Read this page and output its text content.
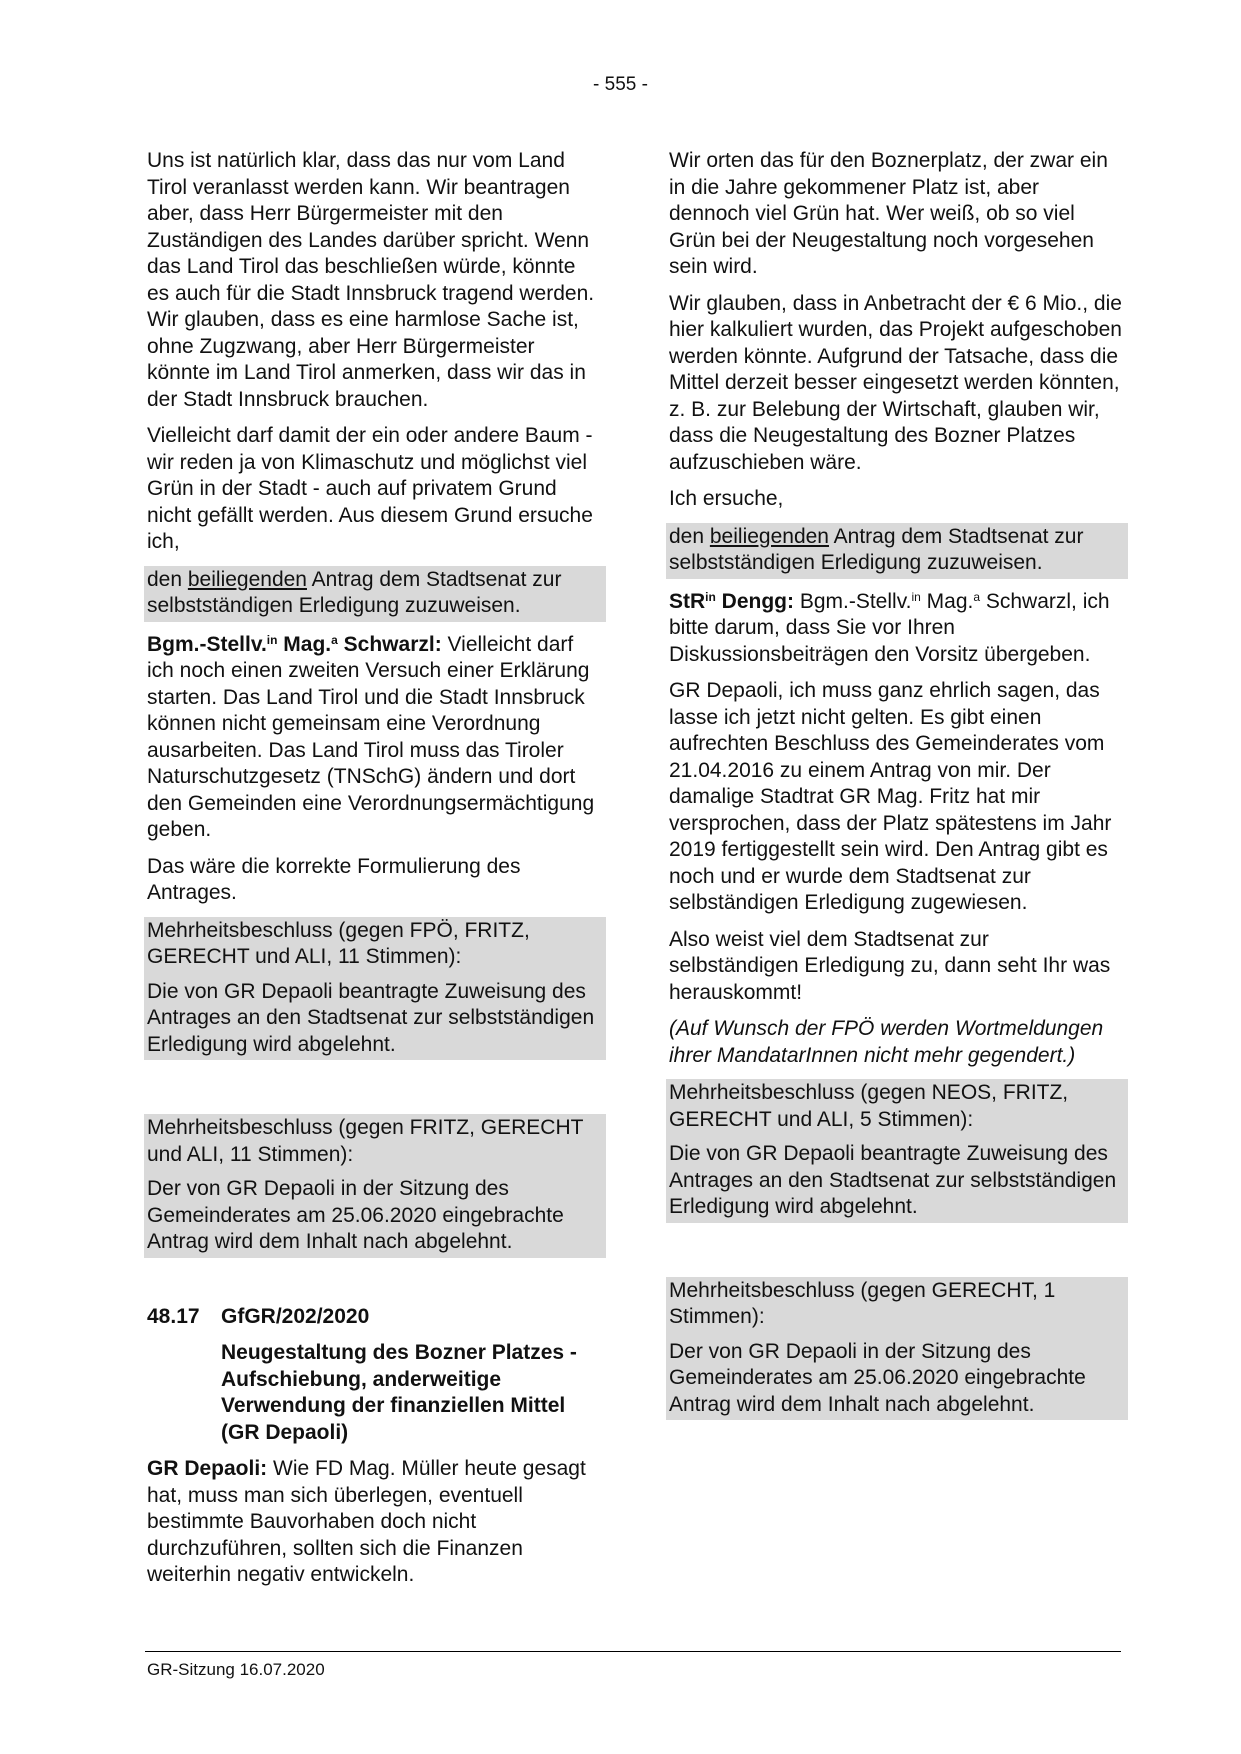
- 555 -

Uns ist natürlich klar, dass das nur vom Land Tirol veranlasst werden kann. Wir beantragen aber, dass Herr Bürgermeister mit den Zuständigen des Landes darüber spricht. Wenn das Land Tirol das beschließen würde, könnte es auch für die Stadt Innsbruck tragend werden. Wir glauben, dass es eine harmlose Sache ist, ohne Zugzwang, aber Herr Bürgermeister könnte im Land Tirol anmerken, dass wir das in der Stadt Innsbruck brauchen.

Vielleicht darf damit der ein oder andere Baum - wir reden ja von Klimaschutz und möglichst viel Grün in der Stadt - auch auf privatem Grund nicht gefällt werden. Aus diesem Grund ersuche ich,

den beiliegenden Antrag dem Stadtsenat zur selbstständigen Erledigung zuzuweisen.

Bgm.-Stellv.$^{in}$ Mag.$^a$ Schwarzl: Vielleicht darf ich noch einen zweiten Versuch einer Erklärung starten. Das Land Tirol und die Stadt Innsbruck können nicht gemeinsam eine Verordnung ausarbeiten. Das Land Tirol muss das Tiroler Naturschutzgesetz (TNSchG) ändern und dort den Gemeinden eine Verordnungsermächtigung geben.

Das wäre die korrekte Formulierung des Antrages.

Mehrheitsbeschluss (gegen FPÖ, FRITZ, GERECHT und ALI, 11 Stimmen):

Die von GR Depaoli beantragte Zuweisung des Antrages an den Stadtsenat zur selbstständigen Erledigung wird abgelehnt.

Mehrheitsbeschluss (gegen FRITZ, GERECHT und ALI, 11 Stimmen):

Der von GR Depaoli in der Sitzung des Gemeinderates am 25.06.2020 eingebrachte Antrag wird dem Inhalt nach abgelehnt.

48.17	GfGR/202/2020
Neugestaltung des Bozner Platzes - Aufschiebung, anderweitige Verwendung der finanziellen Mittel (GR Depaoli)

GR Depaoli: Wie FD Mag. Müller heute gesagt hat, muss man sich überlegen, eventuell bestimmte Bauvorhaben doch nicht durchzuführen, sollten sich die Finanzen weiterhin negativ entwickeln.

Wir orten das für den Boznerplatz, der zwar ein in die Jahre gekommener Platz ist, aber dennoch viel Grün hat. Wer weiß, ob so viel Grün bei der Neugestaltung noch vorgesehen sein wird.

Wir glauben, dass in Anbetracht der € 6 Mio., die hier kalkuliert wurden, das Projekt aufgeschoben werden könnte. Aufgrund der Tatsache, dass die Mittel derzeit besser eingesetzt werden könnten, z. B. zur Belebung der Wirtschaft, glauben wir, dass die Neugestaltung des Bozner Platzes aufzuschieben wäre.

Ich ersuche,

den beiliegenden Antrag dem Stadtsenat zur selbstständigen Erledigung zuzuweisen.

StR$^{in}$ Dengg: Bgm.-Stellv.$^{in}$ Mag.$^a$ Schwarzl, ich bitte darum, dass Sie vor Ihren Diskussionsbeiträgen den Vorsitz übergeben.

GR Depaoli, ich muss ganz ehrlich sagen, das lasse ich jetzt nicht gelten. Es gibt einen aufrechten Beschluss des Gemeinderates vom 21.04.2016 zu einem Antrag von mir. Der damalige Stadtrat GR Mag. Fritz hat mir versprochen, dass der Platz spätestens im Jahr 2019 fertiggestellt sein wird. Den Antrag gibt es noch und er wurde dem Stadtsenat zur selbständigen Erledigung zugewiesen.

Also weist viel dem Stadtsenat zur selbständigen Erledigung zu, dann seht Ihr was herauskommt!

(Auf Wunsch der FPÖ werden Wortmeldungen ihrer MandatarInnen nicht mehr gegendert.)

Mehrheitsbeschluss (gegen NEOS, FRITZ, GERECHT und ALI, 5 Stimmen):

Die von GR Depaoli beantragte Zuweisung des Antrages an den Stadtsenat zur selbstständigen Erledigung wird abgelehnt.

Mehrheitsbeschluss (gegen GERECHT, 1 Stimmen):

Der von GR Depaoli in der Sitzung des Gemeinderates am 25.06.2020 eingebrachte Antrag wird dem Inhalt nach abgelehnt.

GR-Sitzung 16.07.2020
